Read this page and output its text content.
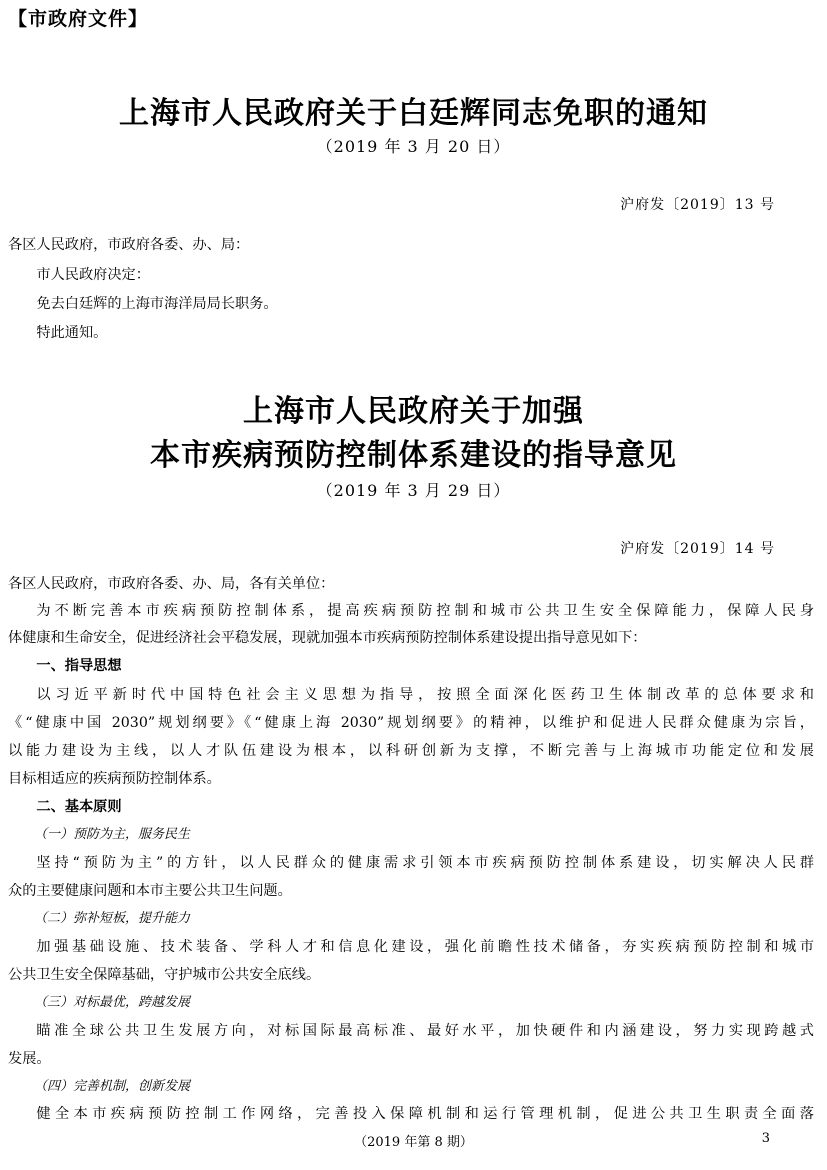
【市政府文件】
上海市人民政府关于白廷辉同志免职的通知
（2019 年 3 月 20 日）
沪府发〔2019〕13 号
各区人民政府，市政府各委、办、局：
市人民政府决定：
免去白廷辉的上海市海洋局局长职务。
特此通知。
上海市人民政府关于加强
本市疾病预防控制体系建设的指导意见
（2019 年 3 月 29 日）
沪府发〔2019〕14 号
各区人民政府，市政府各委、办、局，各有关单位：
为不断完善本市疾病预防控制体系，提高疾病预防控制和城市公共卫生安全保障能力，保障人民身
体健康和生命安全，促进经济社会平稳发展，现就加强本市疾病预防控制体系建设提出指导意见如下：
一、指导思想
以习近平新时代中国特色社会主义思想为指导，按照全面深化医药卫生体制改革的总体要求和
《“健康中国 2030”规划纲要》《“健康上海 2030”规划纲要》的精神，以维护和促进人民群众健康为宗旨，
以能力建设为主线，以人才队伍建设为根本，以科研创新为支撑，不断完善与上海城市功能定位和发展
目标相适应的疾病预防控制体系。
二、基本原则
（一）预防为主，服务民生
坚持“预防为主”的方针，以人民群众的健康需求引领本市疾病预防控制体系建设，切实解决人民群
众的主要健康问题和本市主要公共卫生问题。
（二）弥补短板，提升能力
加强基础设施、技术装备、学科人才和信息化建设，强化前瞻性技术储备，夯实疾病预防控制和城市
公共卫生安全保障基础，守护城市公共安全底线。
（三）对标最优，跨越发展
瞄准全球公共卫生发展方向，对标国际最高标准、最好水平，加快硬件和内涵建设，努力实现跨越式
发展。
（四）完善机制，创新发展
健全本市疾病预防控制工作网络，完善投入保障机制和运行管理机制，促进公共卫生职责全面落
（2019 年第 8 期）	3
